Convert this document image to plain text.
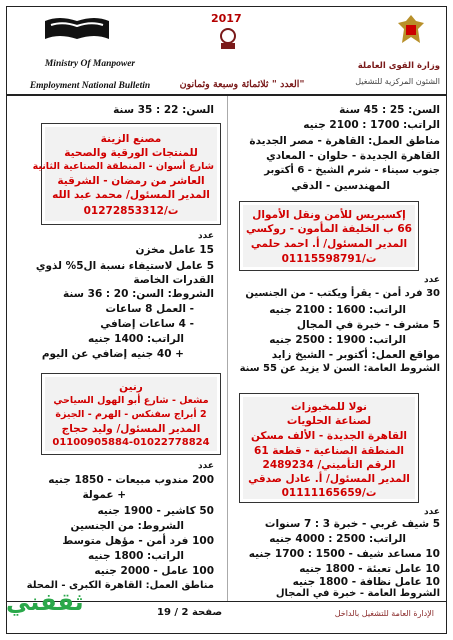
Ministry Of Manpower
Employment National Bulletin
2017
العدد " ثلاثمائة وسبعة وثمانون"
وزارة القوى العاملة
الشئون المركزية للتشغيل
السن: 22 : 35 سنة
مصنع الزينة
للمنتجات الورقية والصحية
شارع أسوان - المنطقة الصناعية الثانية
العاشر من رمضان - الشرقية
المدير المسئول/ محمد عبد الله
ت/01272853312
عدد
15 عامل مخزن
5 عامل لاستيفاء نسبة ال5% لذوي
القدرات الخاصة
الشروط: السن: 20 : 36 سنة
- العمل 8 ساعات
- 4 ساعات إضافي
الراتب: 1400 جنيه
+ 40 جنيه إضافي عن اليوم
رنين
مشعل - شارع أبو الهول السياحي
2 أبراج سفنكس - الهرم - الجيزة
المدير المسئول/ وليد حجاج
01100905884-01022778824
عدد
200 مندوب مبيعات - 1850 جنيه
+ عمولة
50 كاشير - 1900 جنيه
الشروط: من الجنسين
100 فرد أمن - مؤهل متوسط
الراتب: 1800 جنيه
100 عامل - 2000 جنيه
مناطق العمل: القاهرة الكبرى - المحلة
السن: 25 : 45 سنة
الراتب: 1700 : 2100 جنيه
مناطق العمل: القاهرة - مصر الجديدة
القاهرة الجديدة - حلوان - المعادي
جنوب سيناء - شرم الشيخ - 6 أكتوبر
المهندسين - الدقي
إكسبريس للأمن ونقل الأموال
66 ب الخليفة المأمون - روكسي
المدير المسئول/ أ. احمد حلمي
ت/01115598791
عدد
30 فرد أمن - يقرأ ويكتب - من الجنسين
الراتب: 1600 : 2100 جنيه
5 مشرف - خبرة في المجال
الراتب: 1900 : 2500 جنيه
مواقع العمل: أكتوبر - الشيخ زايد
الشروط العامة: السن لا يزيد عن 55 سنة
نولا للمخبوزات
لصناعة الحلويات
القاهرة الجديدة - الألف مسكن
المنطقة الصناعية - قطعة 61
الرقم التأميني/ 2489234
المدير المسئول/ أ. عادل صدقي
ت/01111165659
عدد
5 شيف غربي - خبرة 3 : 7 سنوات
الراتب: 2500 : 4000 جنيه
10 مساعد شيف - 1500 : 1700 جنيه
10 عامل تعبئة - 1800 جنيه
10 عامل نظافة - 1800 جنيه
الشروط العامة - خبرة في المجال
صفحة 2 / 19	الإدارة العامة للتشغيل بالداخل
ثقفني
